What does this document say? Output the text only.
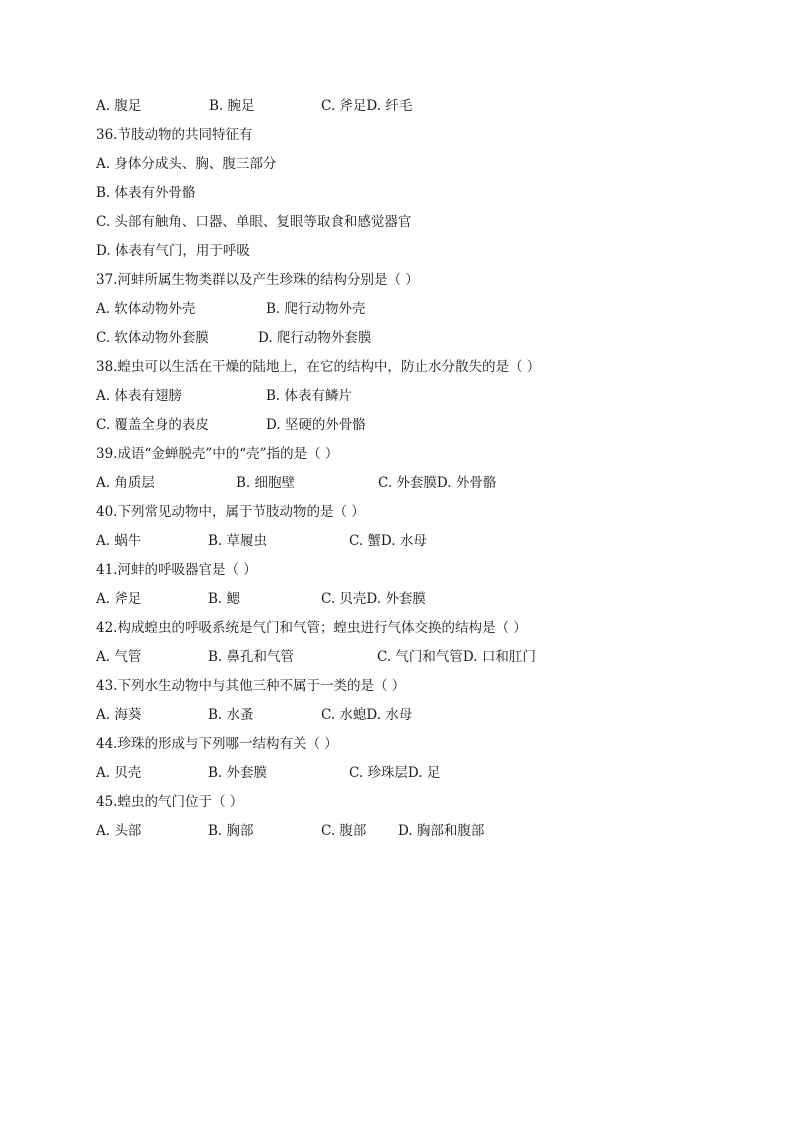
A. 腹足	B. 腕足	C. 斧足D. 纤毛
36.节肢动物的共同特征有
A. 身体分成头、胸、腹三部分
B. 体表有外骨骼
C. 头部有触角、口器、单眼、复眼等取食和感觉器官
D. 体表有气门，用于呼吸
37.河蚌所属生物类群以及产生珍珠的结构分别是（ ）
A. 软体动物外壳	B. 爬行动物外壳
C. 软体动物外套膜	D. 爬行动物外套膜
38.蝗虫可以生活在干燥的陆地上，在它的结构中，防止水分散失的是（ ）
A. 体表有翅膀	B. 体表有鳞片
C. 覆盖全身的表皮	D. 坚硬的外骨骼
39.成语“金蝉脱壳”中的“壳”指的是（ ）
A. 角质层	B. 细胞壁	C. 外套膜D. 外骨骼
40.下列常见动物中，属于节肢动物的是（ ）
A. 蜗牛	B. 草履虫	C. 蟹D. 水母
41.河蚌的呼吸器官是（ ）
A. 斧足	B. 鳃	C. 贝壳D. 外套膜
42.构成蝗虫的呼吸系统是气门和气管；蝗虫进行气体交换的结构是（ ）
A. 气管	B. 鼻孔和气管	C. 气门和气管D. 口和肛门
43.下列水生动物中与其他三种不属于一类的是（ ）
A. 海葵	B. 水蚤	C. 水螅D. 水母
44.珍珠的形成与下列哪一结构有关（ ）
A. 贝壳	B. 外套膜	C. 珍珠层D. 足
45.蝗虫的气门位于（ ）
A. 头部	B. 胸部	C. 腹部 D. 胸部和腹部
